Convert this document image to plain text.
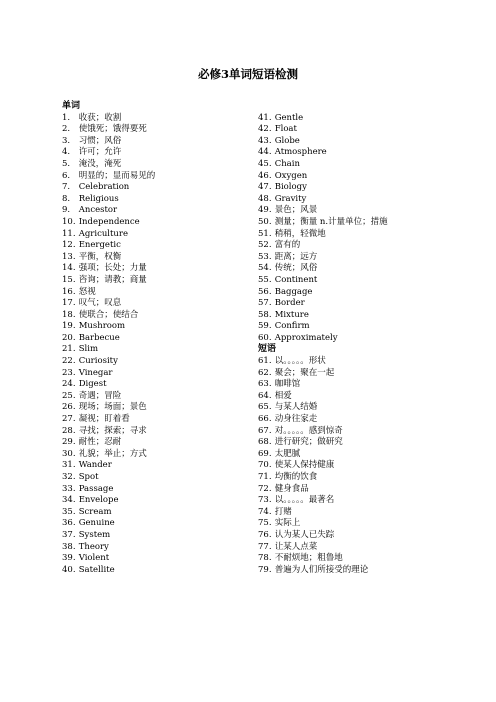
必修3单词短语检测
单词
1. 收获；收割
2. 使饿死；饿得要死
3. 习惯；风俗
4. 许可；允许
5. 淹没，淹死
6. 明显的；显而易见的
7. Celebration
8. Religious
9. Ancestor
10. Independence
11. Agriculture
12. Energetic
13. 平衡，权衡
14. 强项；长处；力量
15. 咨询；请教；商量
16. 怒视
17. 叹气；叹息
18. 使联合；使结合
19. Mushroom
20. Barbecue
21. Slim
22. Curiosity
23. Vinegar
24. Digest
25. 奇遇；冒险
26. 现场；场面；景色
27. 凝视；盯着看
28. 寻找；探索；寻求
29. 耐性；忍耐
30. 礼貌；举止；方式
31. Wander
32. Spot
33. Passage
34. Envelope
35. Scream
36. Genuine
37. System
38. Theory
39. Violent
40. Satellite
41. Gentle
42. Float
43. Globe
44. Atmosphere
45. Chain
46. Oxygen
47. Biology
48. Gravity
49. 景色；风景
50. 测量；衡量 n.计量单位；措施
51. 稍稍，轻微地
52. 富有的
53. 距离；远方
54. 传统；风俗
55. Continent
56. Baggage
57. Border
58. Mixture
59. Confirm
60. Approximately
短语
61. 以。。。。。形状
62. 聚会；聚在一起
63. 咖啡馆
64. 相爱
65. 与某人结婚
66. 动身往家走
67. 对。。。。。感到惊奇
68. 进行研究；做研究
69. 太肥腻
70. 使某人保持健康
71. 均衡的饮食
72. 健身食品
73. 以。。。。。最著名
74. 打赌
75. 实际上
76. 认为某人已失踪
77. 让某人点菜
78. 不耐烦地；粗鲁地
79. 普遍为人们所接受的理论
